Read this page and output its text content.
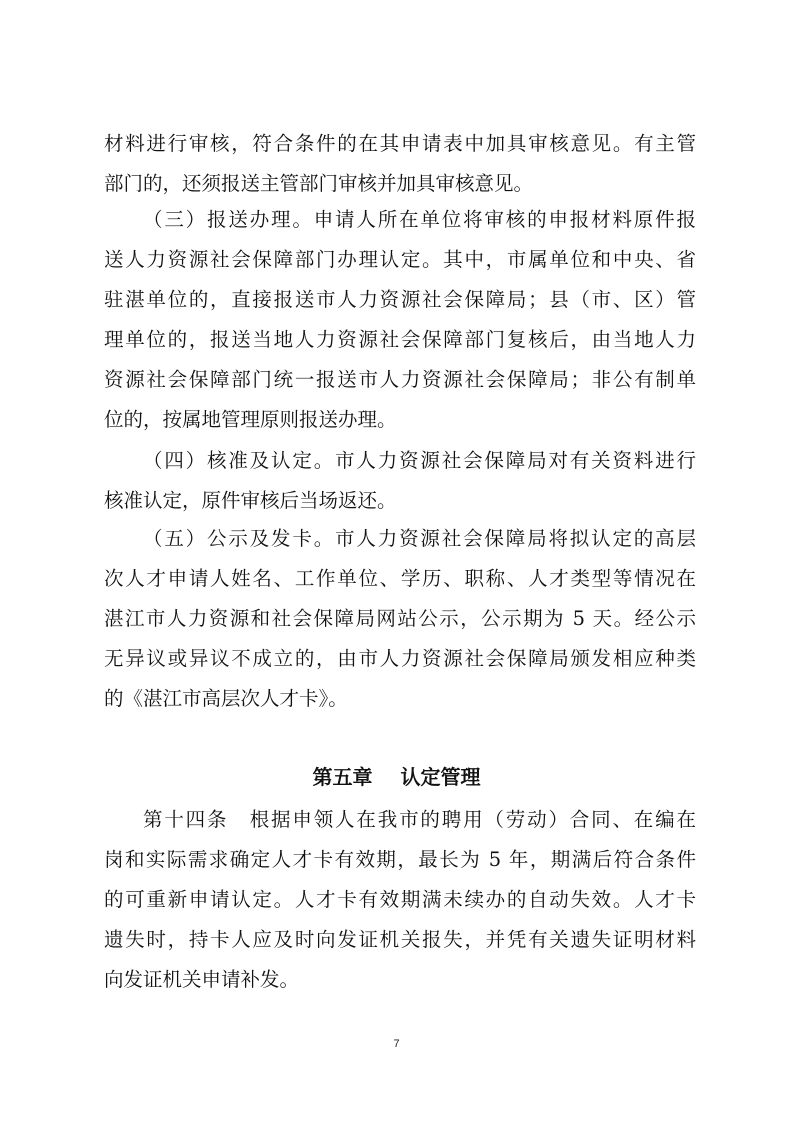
材料进行审核，符合条件的在其申请表中加具审核意见。有主管
部门的，还须报送主管部门审核并加具审核意见。
（三）报送办理。申请人所在单位将审核的申报材料原件报
送人力资源社会保障部门办理认定。其中，市属单位和中央、省
驻湛单位的，直接报送市人力资源社会保障局；县（市、区）管
理单位的，报送当地人力资源社会保障部门复核后，由当地人力
资源社会保障部门统一报送市人力资源社会保障局；非公有制单
位的，按属地管理原则报送办理。
（四）核准及认定。市人力资源社会保障局对有关资料进行
核准认定，原件审核后当场返还。
（五）公示及发卡。市人力资源社会保障局将拟认定的高层
次人才申请人姓名、工作单位、学历、职称、人才类型等情况在
湛江市人力资源和社会保障局网站公示，公示期为 5 天。经公示
无异议或异议不成立的，由市人力资源社会保障局颁发相应种类
的《湛江市高层次人才卡》。
第五章 认定管理
第十四条　根据申领人在我市的聘用（劳动）合同、在编在
岗和实际需求确定人才卡有效期，最长为 5 年，期满后符合条件
的可重新申请认定。人才卡有效期满未续办的自动失效。人才卡
遗失时，持卡人应及时向发证机关报失，并凭有关遗失证明材料
向发证机关申请补发。
7
